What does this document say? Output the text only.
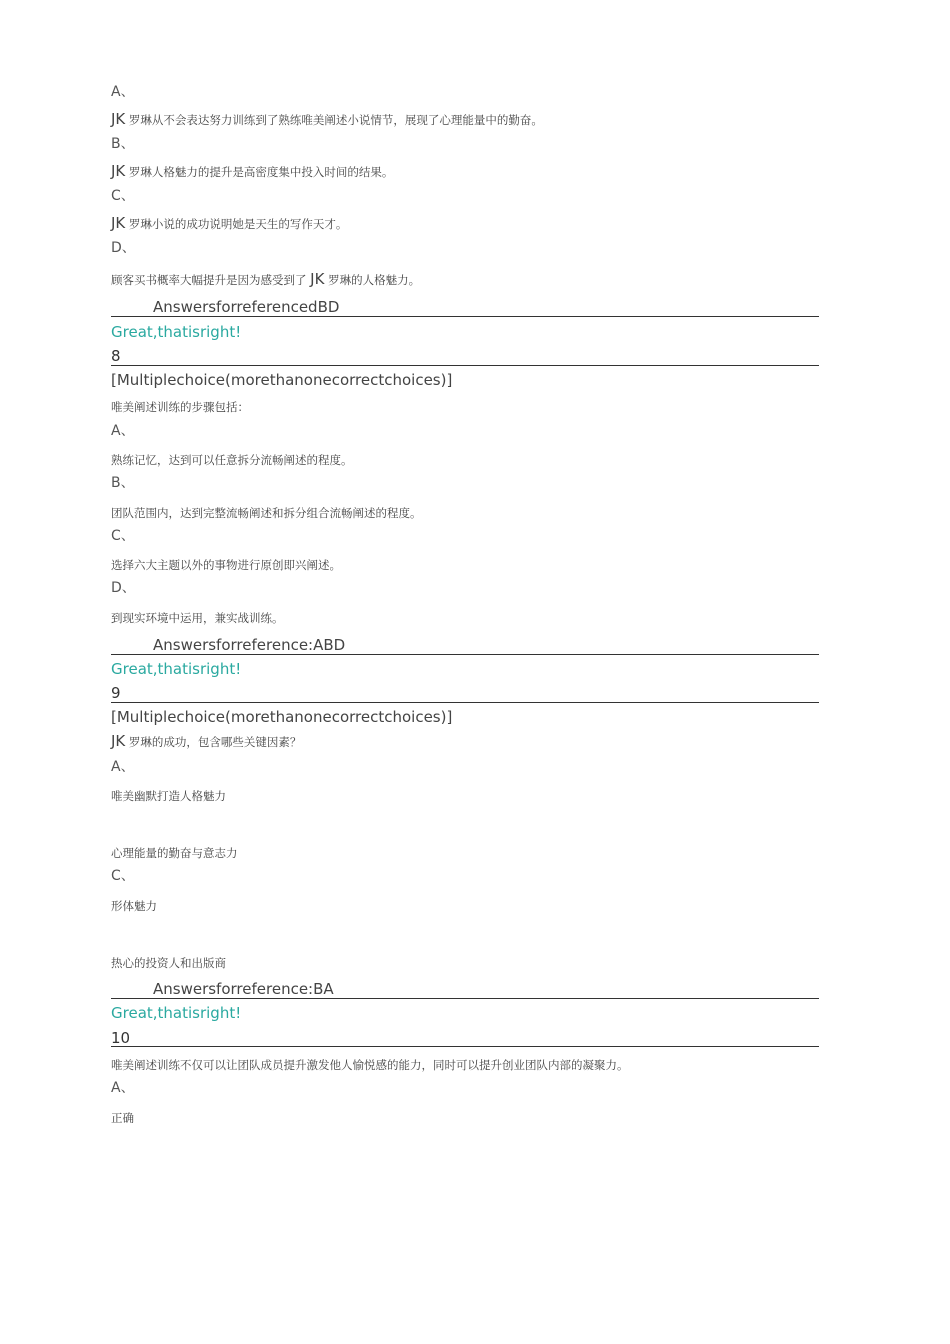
A、
JK 罗琳从不会表达努力训练到了熟练唯美阐述小说情节，展现了心理能量中的勤奋。
B、
JK 罗琳人格魅力的提升是高密度集中投入时间的结果。
C、
JK 罗琳小说的成功说明她是天生的写作天才。
D、
顾客买书概率大幅提升是因为感受到了 JK 罗琳的人格魅力。
AnswersforreferencedBD
Great,thatisright!
8
[Multiplechoice(morethanonecorrectchoices)]
唯美阐述训练的步骤包括：
A、
熟练记忆，达到可以任意拆分流畅阐述的程度。
B、
团队范围内，达到完整流畅阐述和拆分组合流畅阐述的程度。
C、
选择六大主题以外的事物进行原创即兴阐述。
D、
到现实环境中运用，兼实战训练。
Answersforreference:ABD
Great,thatisright!
9
[Multiplechoice(morethanonecorrectchoices)]
JK 罗琳的成功，包含哪些关键因素？
A、
唯美幽默打造人格魅力
心理能量的勤奋与意志力
C、
形体魅力
热心的投资人和出版商
Answersforreference:BA
Great,thatisright!
10
唯美阐述训练不仅可以让团队成员提升激发他人愉悦感的能力，同时可以提升创业团队内部的凝聚力。
A、
正确
